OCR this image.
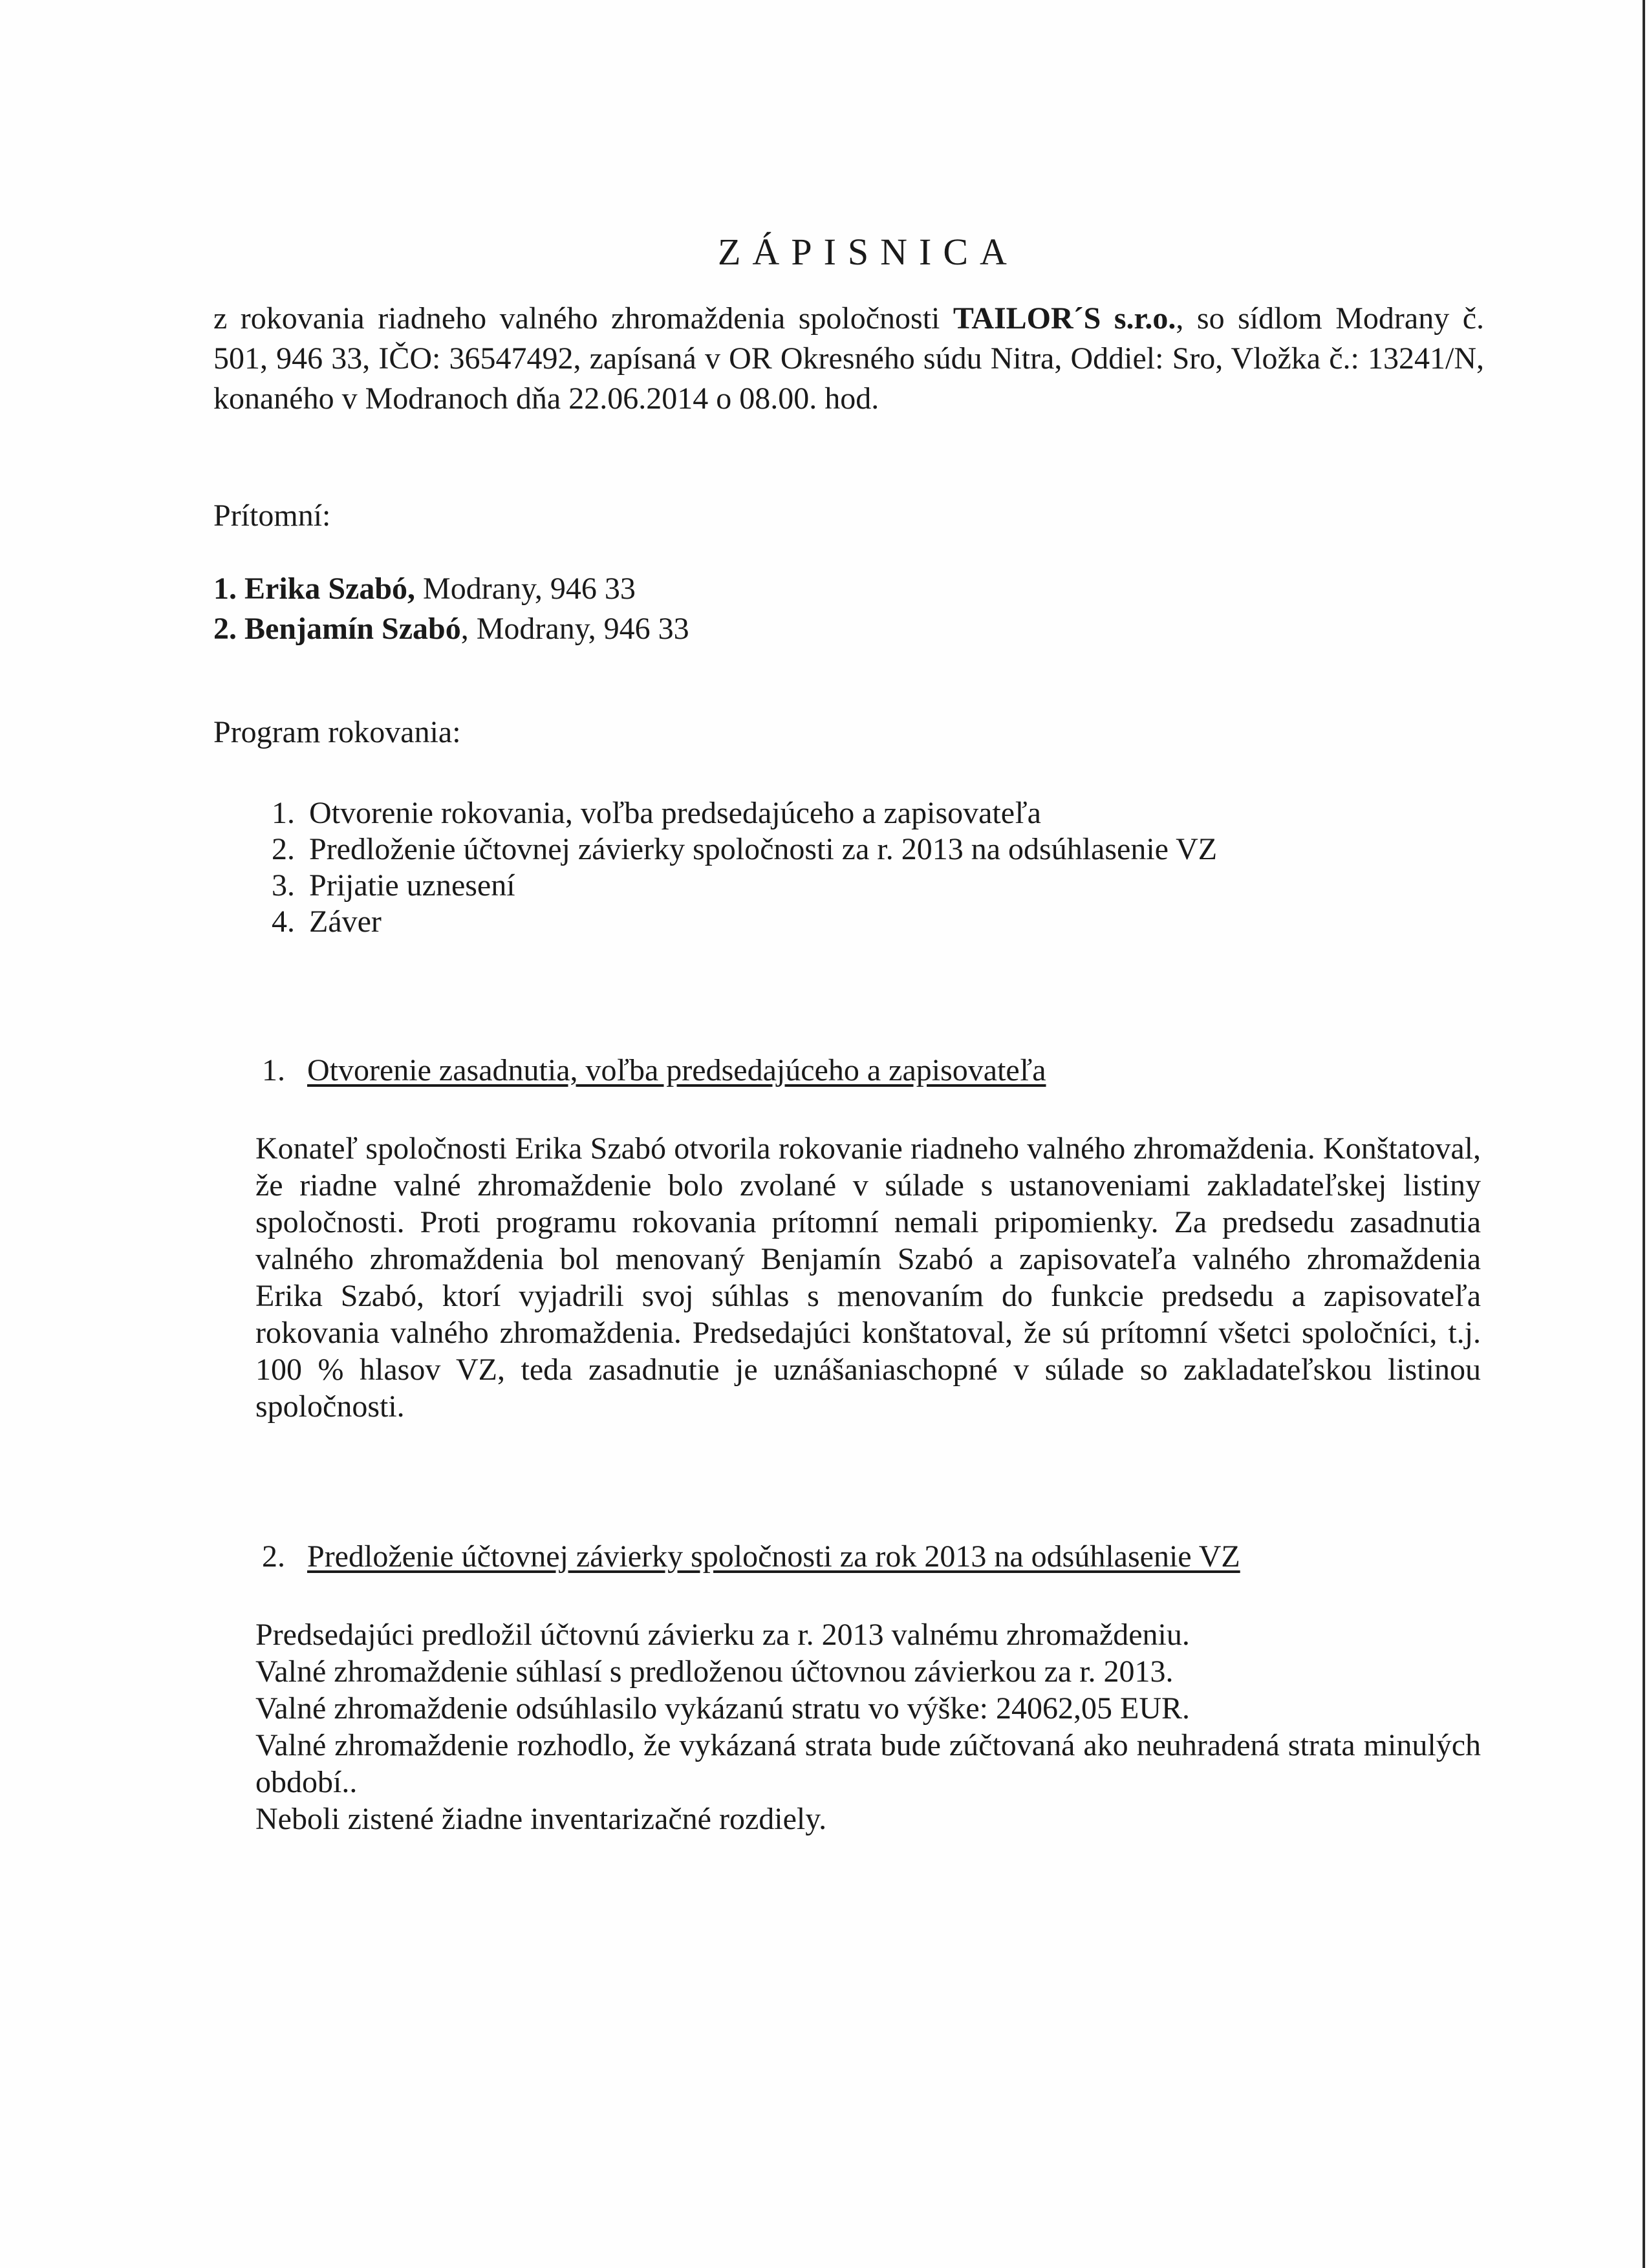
ZÁPISNICA

z rokovania riadneho valného zhromaždenia spoločnosti TAILOR´S s.r.o., so sídlom Modrany č. 501, 946 33, IČO: 36547492, zapísaná v OR Okresného súdu Nitra, Oddiel: Sro, Vložka č.: 13241/N, konaného v Modranoch dňa 22.06.2014 o 08.00. hod.

Prítomní:

1. Erika Szabó, Modrany, 946 33
2. Benjamín Szabó, Modrany, 946 33

Program rokovania:

1. Otvorenie rokovania, voľba predsedajúceho a zapisovateľa
2. Predloženie účtovnej závierky spoločnosti za r. 2013 na odsúhlasenie VZ
3. Prijatie uznesení
4. Záver
1. Otvorenie zasadnutia, voľba predsedajúceho a zapisovateľa

Konateľ spoločnosti Erika Szabó otvorila rokovanie riadneho valného zhromaždenia. Konštatoval, že riadne valné zhromaždenie bolo zvolané v súlade s ustanoveniami zakladateľskej listiny spoločnosti. Proti programu rokovania prítomní nemali pripomienky. Za predsedu zasadnutia valného zhromaždenia bol menovaný Benjamín Szabó a zapisovateľa valného zhromaždenia Erika Szabó, ktorí vyjadrili svoj súhlas s menovaním do funkcie predsedu a zapisovateľa rokovania valného zhromaždenia. Predsedajúci konštatoval, že sú prítomní všetci spoločníci, t.j. 100 % hlasov VZ, teda zasadnutie je uznášaniaschopné v súlade so zakladateľskou listinou spoločnosti.

2. Predloženie účtovnej závierky spoločnosti za rok 2013 na odsúhlasenie VZ

Predsedajúci predložil účtovnú závierku za r. 2013 valnému zhromaždeniu.

Valné zhromaždenie súhlasí s predloženou účtovnou závierkou za r. 2013.

Valné zhromaždenie odsúhlasilo vykázanú stratu vo výške: 24062,05 EUR.

Valné zhromaždenie rozhodlo, že vykázaná strata bude zúčtovaná ako neuhradená strata minulých období..

Neboli zistené žiadne inventarizačné rozdiely.
